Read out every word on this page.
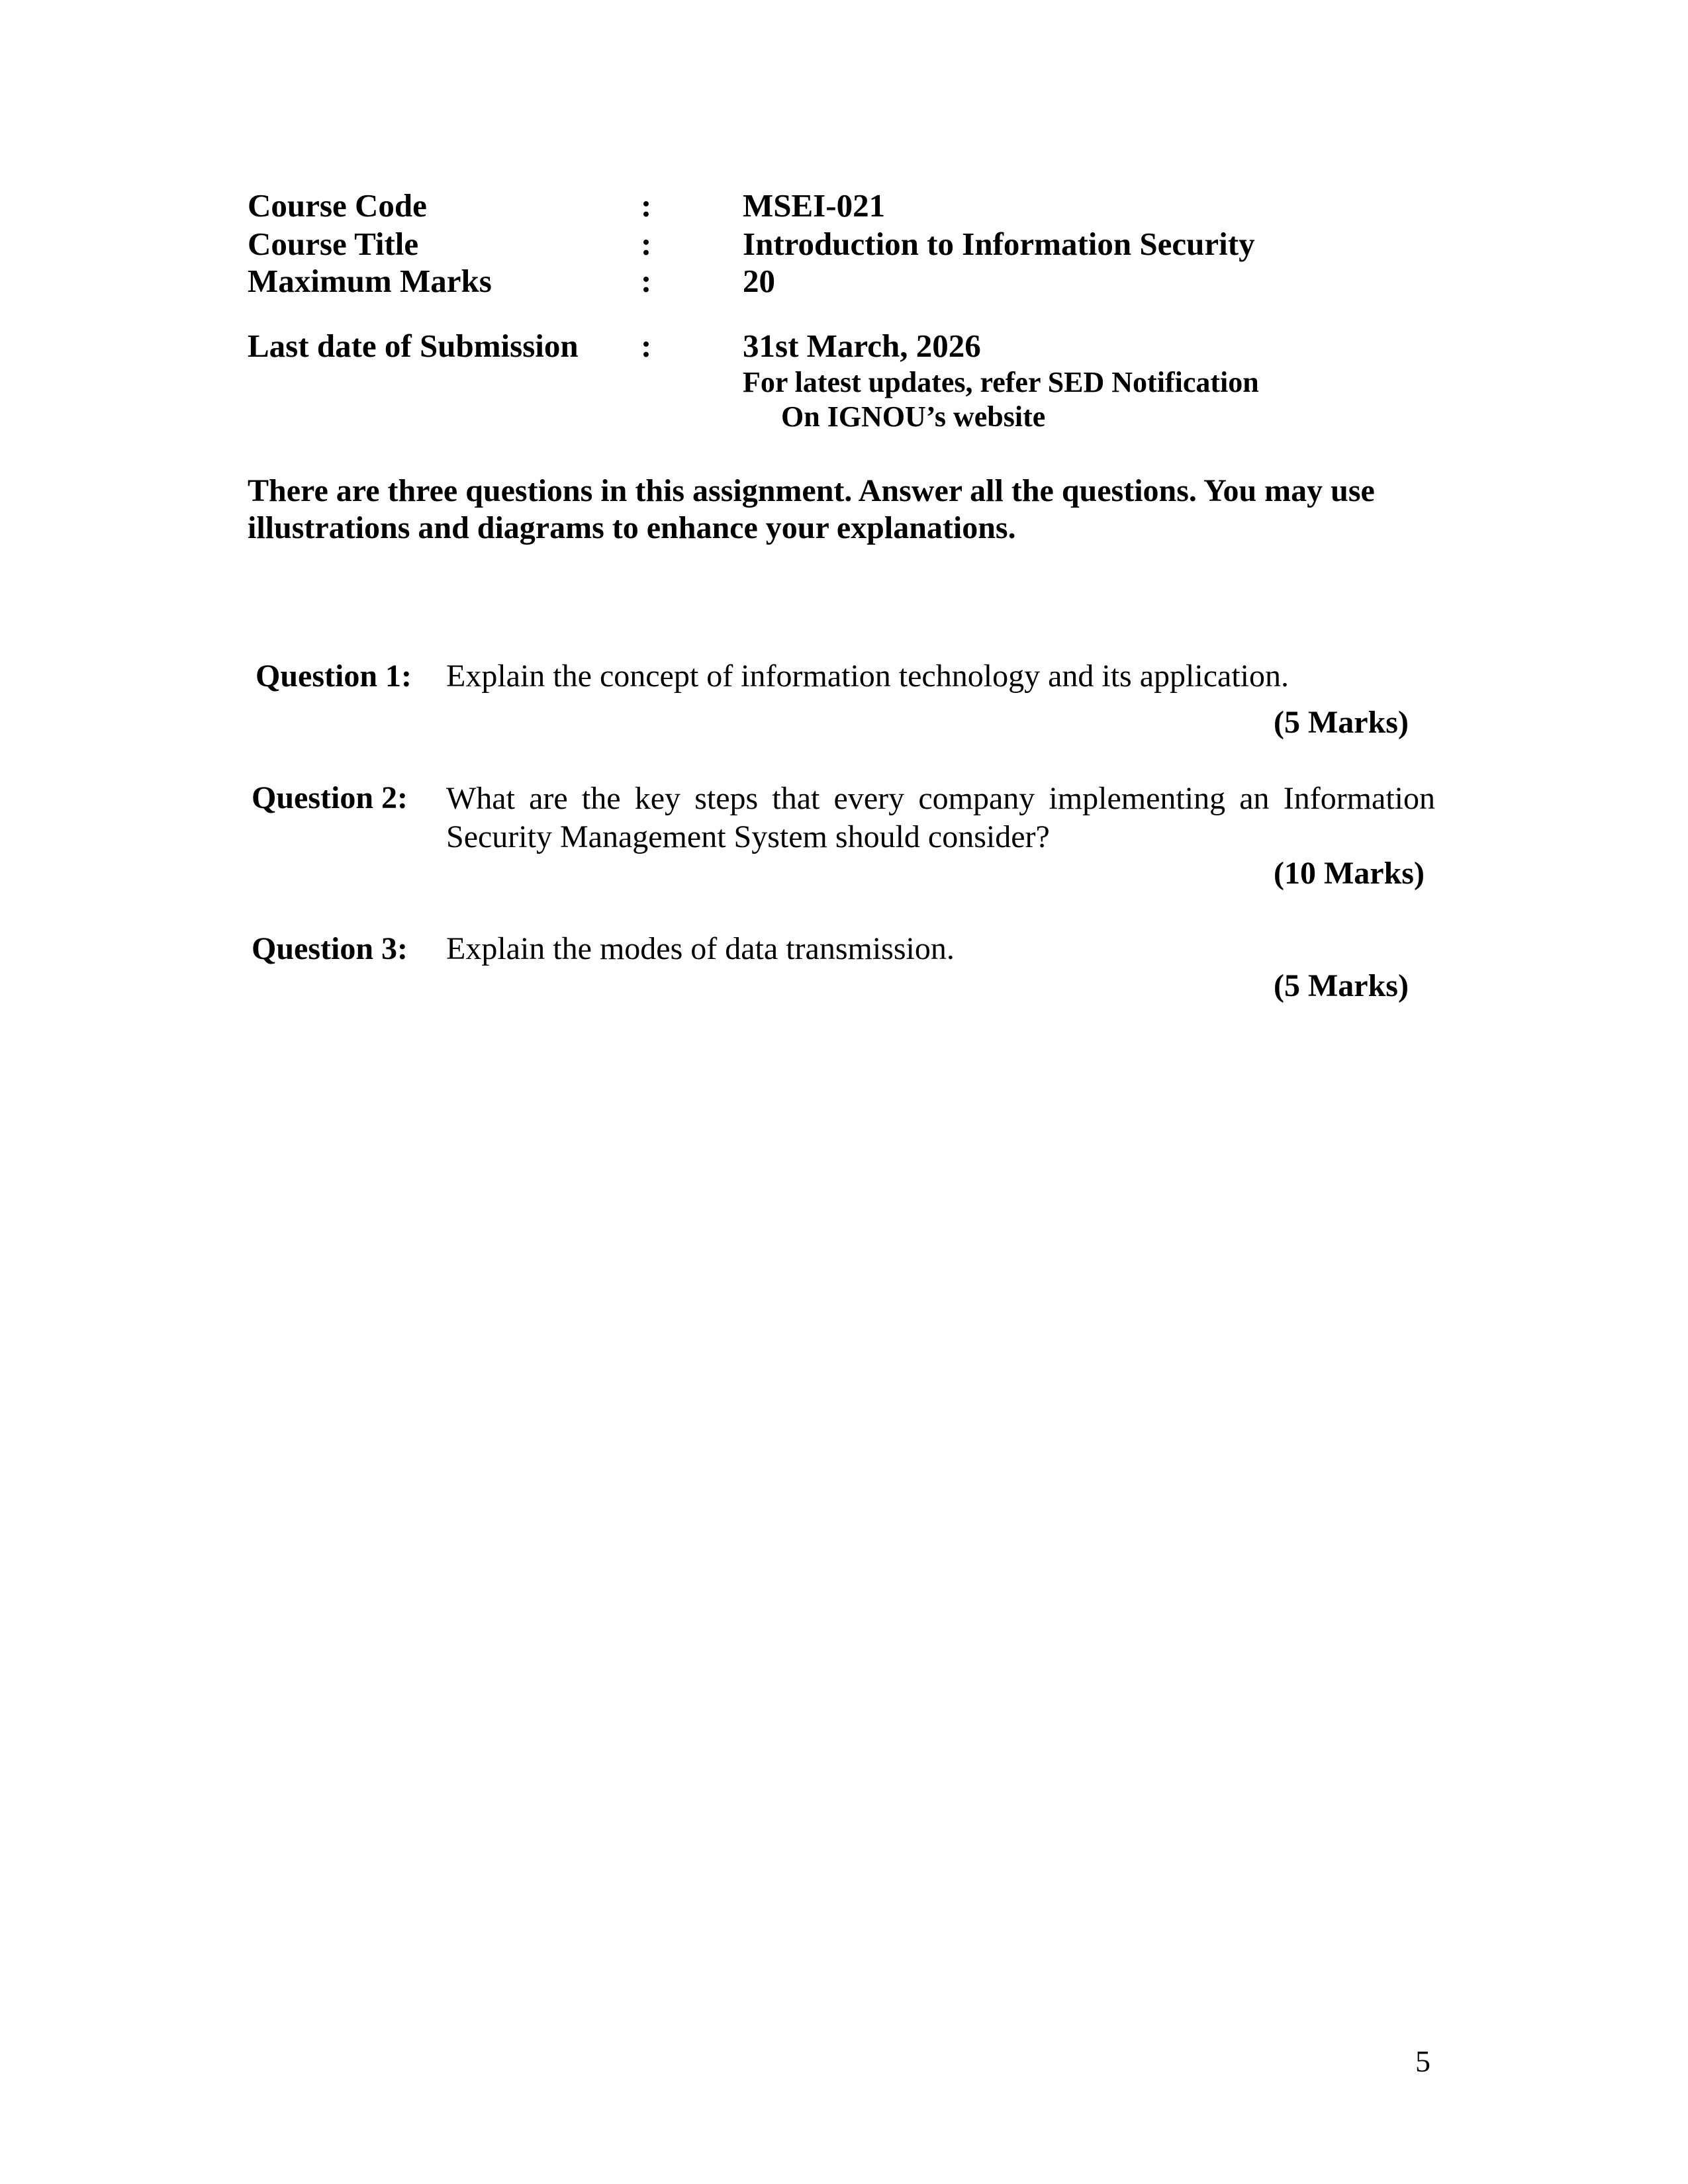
Course Code	:	MSEI-021
Course Title	:	Introduction to Information Security
Maximum Marks	:	20
Last date of Submission :	31st March, 2026
For latest updates, refer SED Notification
On IGNOU’s website
There are three questions in this assignment. Answer all the questions. You may use illustrations and diagrams to enhance your explanations.
Question 1: Explain the concept of information technology and its application.
(5 Marks)
Question 2: What are the key steps that every company implementing an Information Security Management System should consider?
(10 Marks)
Question 3: Explain the modes of data transmission.
(5 Marks)
5
